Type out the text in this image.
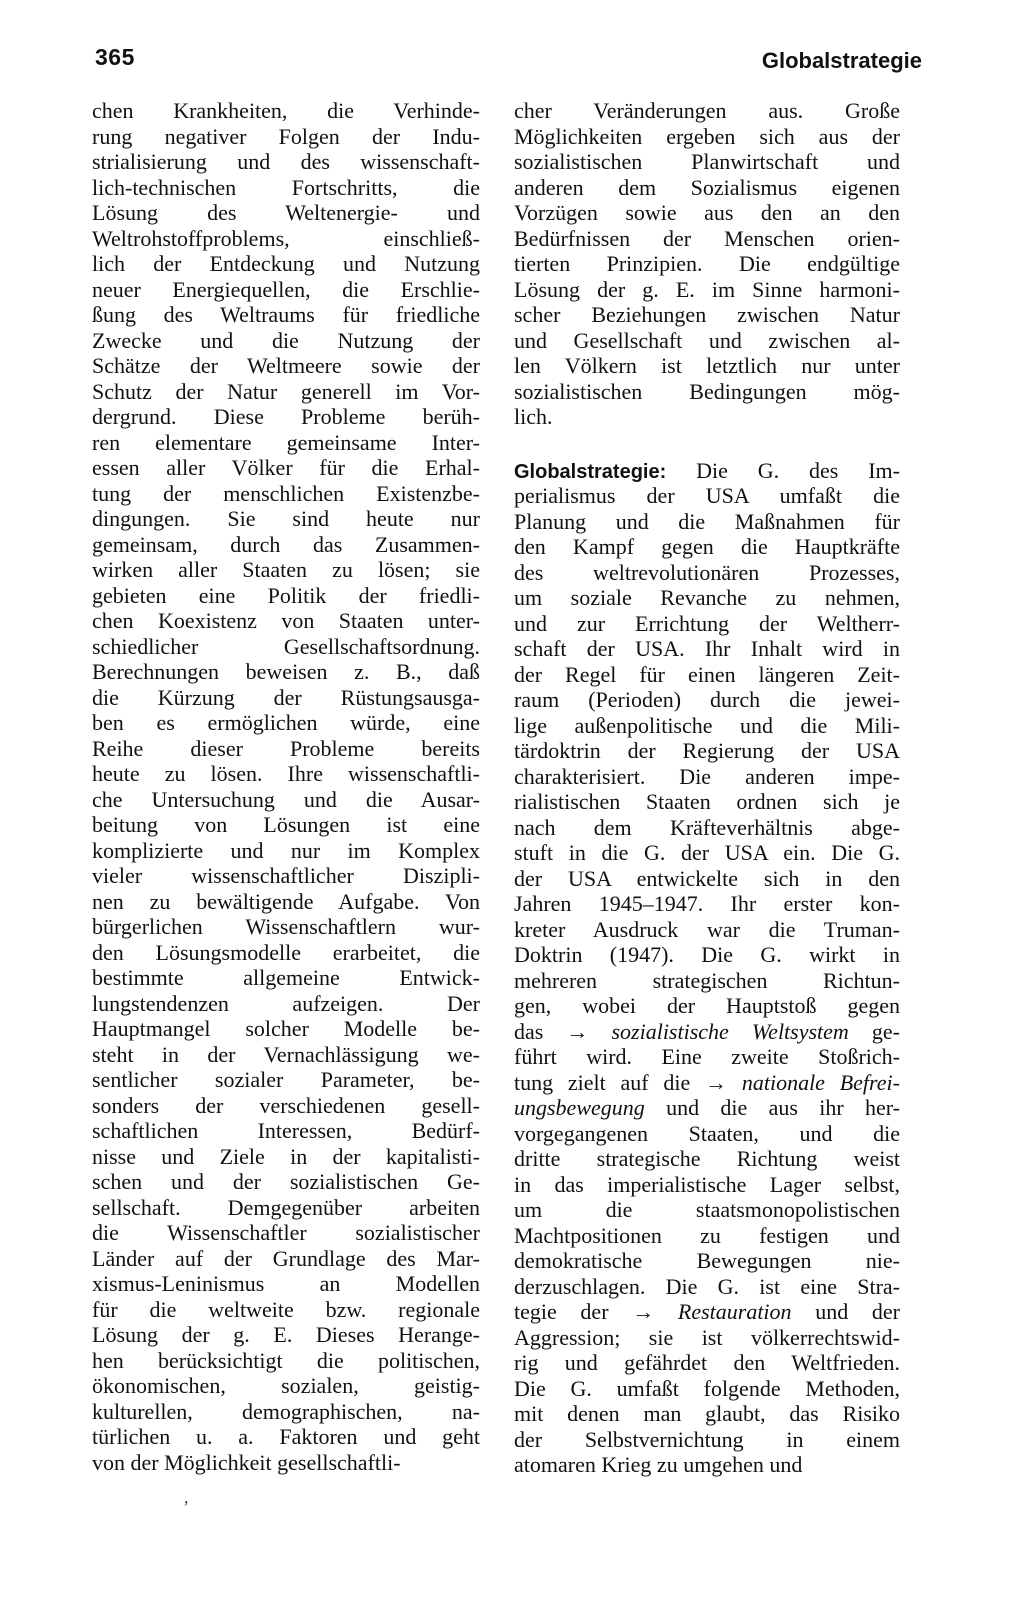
365	Globalstrategie
chen Krankheiten, die Verhinde-
rung negativer Folgen der Indu-
strialisierung und des wissenschaft-
lich-technischen Fortschritts, die
Lösung des Weltenergie- und
Weltrohstoffproblems, einschließ-
lich der Entdeckung und Nutzung
neuer Energiequellen, die Erschlie-
ßung des Weltraums für friedliche
Zwecke und die Nutzung der
Schätze der Weltmeere sowie der
Schutz der Natur generell im Vor-
dergrund. Diese Probleme berüh-
ren elementare gemeinsame Inter-
essen aller Völker für die Erhal-
tung der menschlichen Existenzbe-
dingungen. Sie sind heute nur
gemeinsam, durch das Zusammen-
wirken aller Staaten zu lösen; sie
gebieten eine Politik der friedli-
chen Koexistenz von Staaten unter-
schiedlicher Gesellschaftsordnung.
Berechnungen beweisen z. B., daß
die Kürzung der Rüstungsausga-
ben es ermöglichen würde, eine
Reihe dieser Probleme bereits
heute zu lösen. Ihre wissenschaftli-
che Untersuchung und die Ausar-
beitung von Lösungen ist eine
komplizierte und nur im Komplex
vieler wissenschaftlicher Diszipli-
nen zu bewältigende Aufgabe. Von
bürgerlichen Wissenschaftlern wur-
den Lösungsmodelle erarbeitet, die
bestimmte allgemeine Entwick-
lungstendenzen aufzeigen. Der
Hauptmangel solcher Modelle be-
steht in der Vernachlässigung we-
sentlicher sozialer Parameter, be-
sonders der verschiedenen gesell-
schaftlichen Interessen, Bedürf-
nisse und Ziele in der kapitalisti-
schen und der sozialistischen Ge-
sellschaft. Demgegenüber arbeiten
die Wissenschaftler sozialistischer
Länder auf der Grundlage des Mar-
xismus-Leninismus an Modellen
für die weltweite bzw. regionale
Lösung der g. E. Dieses Herange-
hen berücksichtigt die politischen,
ökonomischen, sozialen, geistig-
kulturellen, demographischen, na-
türlichen u. a. Faktoren und geht
von der Möglichkeit gesellschaftli-
cher Veränderungen aus. Große
Möglichkeiten ergeben sich aus der
sozialistischen Planwirtschaft und
anderen dem Sozialismus eigenen
Vorzügen sowie aus den an den
Bedürfnissen der Menschen orien-
tierten Prinzipien. Die endgültige
Lösung der g. E. im Sinne harmoni-
scher Beziehungen zwischen Natur
und Gesellschaft und zwischen al-
len Völkern ist letztlich nur unter
sozialistischen Bedingungen mög-
lich.
Globalstrategie: Die G. des Im-
perialismus der USA umfaßt die
Planung und die Maßnahmen für
den Kampf gegen die Hauptkräfte
des weltrevolutionären Prozesses,
um soziale Revanche zu nehmen,
und zur Errichtung der Weltherr-
schaft der USA. Ihr Inhalt wird in
der Regel für einen längeren Zeit-
raum (Perioden) durch die jewei-
lige außenpolitische und die Mili-
tärdoktrin der Regierung der USA
charakterisiert. Die anderen impe-
rialistischen Staaten ordnen sich je
nach dem Kräfteverhältnis abge-
stuft in die G. der USA ein. Die G.
der USA entwickelte sich in den
Jahren 1945–1947. Ihr erster kon-
kreter Ausdruck war die Truman-
Doktrin (1947). Die G. wirkt in
mehreren strategischen Richtun-
gen, wobei der Hauptstoß gegen
das → sozialistische Weltsystem ge-
führt wird. Eine zweite Stoßrich-
tung zielt auf die → nationale Befrei-
ungsbewegung und die aus ihr her-
vorgegangenen Staaten, und die
dritte strategische Richtung weist
in das imperialistische Lager selbst,
um die staatsmonopolistischen
Machtpositionen zu festigen und
demokratische Bewegungen nie-
derzuschlagen. Die G. ist eine Stra-
tegie der → Restauration und der
Aggression; sie ist völkerrechtswid-
rig und gefährdet den Weltfrieden.
Die G. umfaßt folgende Methoden,
mit denen man glaubt, das Risiko
der Selbstvernichtung in einem
atomaren Krieg zu umgehen und
ʼ
